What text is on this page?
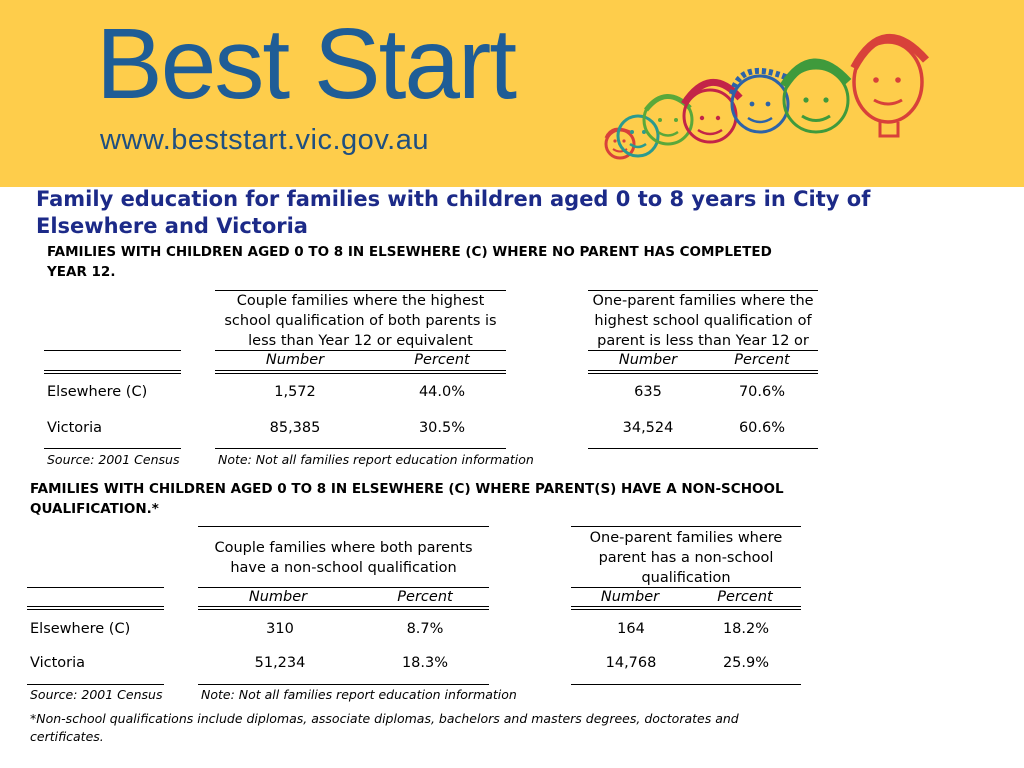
Best Start
www.beststart.vic.gov.au
Family education for families with children aged 0 to 8 years in City of Elsewhere and Victoria
FAMILIES WITH CHILDREN AGED 0 TO 8 IN ELSEWHERE (C) WHERE NO PARENT HAS COMPLETED YEAR 12.
Couple families where the highest school qualification of both parents is less than Year 12 or equivalent
One-parent families where the highest school qualification of parent is less than Year 12 or
Number	Percent	Number	Percent
Elsewhere (C)	1,572	44.0%	635	70.6%
Victoria	85,385	30.5%	34,524	60.6%
Source: 2001 Census	Note: Not all families report education information
FAMILIES WITH CHILDREN AGED 0 TO 8 IN ELSEWHERE (C) WHERE PARENT(S) HAVE A NON-SCHOOL QUALIFICATION.*
Couple families where both parents have a non-school qualification
One-parent families where parent has a non-school qualification
Number	Percent	Number	Percent
Elsewhere (C)	310	8.7%	164	18.2%
Victoria	51,234	18.3%	14,768	25.9%
Source: 2001 Census	Note: Not all families report education information
*Non-school qualifications include diplomas, associate diplomas, bachelors and masters degrees, doctorates and certificates.
